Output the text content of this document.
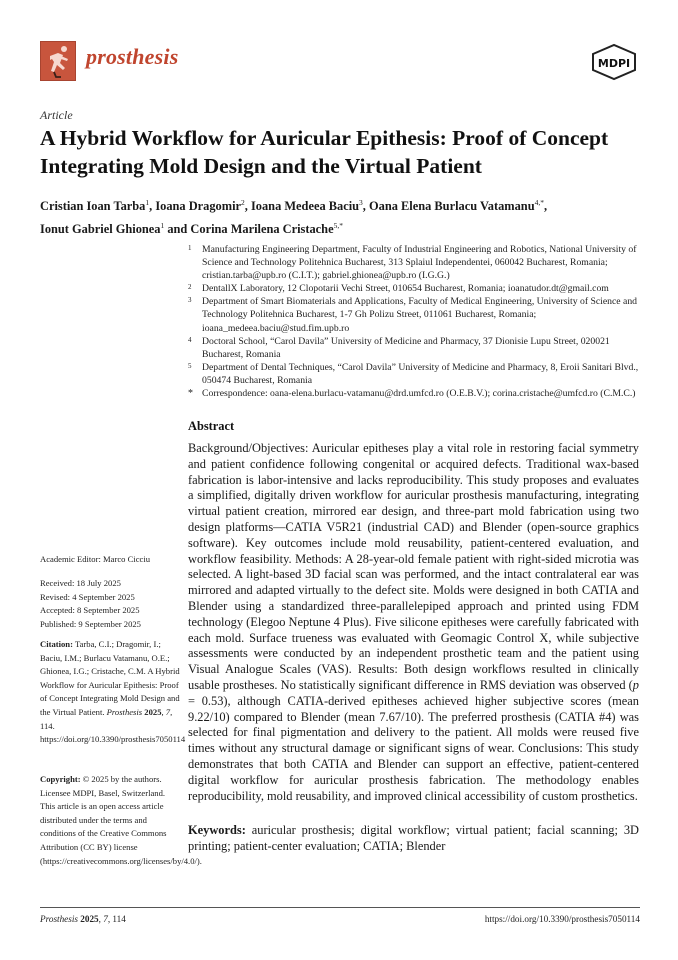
prosthesis	MDPI
Article
A Hybrid Workflow for Auricular Epithesis: Proof of Concept Integrating Mold Design and the Virtual Patient
Cristian Ioan Tarba$^1$, Ioana Dragomir$^2$, Ioana Medeea Baciu$^3$, Oana Elena Burlacu Vatamanu$^{4,*}$,
Ionut Gabriel Ghionea$^1$ and Corina Marilena Cristache$^{5,*}$
1 Manufacturing Engineering Department, Faculty of Industrial Engineering and Robotics, National University of Science and Technology Politehnica Bucharest, 313 Splaiul Independentei, 060042 Bucharest, Romania; cristian.tarba@upb.ro (C.I.T.); gabriel.ghionea@upb.ro (I.G.G.)
2 DentallX Laboratory, 12 Clopotarii Vechi Street, 010654 Bucharest, Romania; ioanatudor.dt@gmail.com
3 Department of Smart Biomaterials and Applications, Faculty of Medical Engineering, University of Science and Technology Politehnica Bucharest, 1-7 Gh Polizu Street, 011061 Bucharest, Romania; ioana_medeea.baciu@stud.fim.upb.ro
4 Doctoral School, “Carol Davila” University of Medicine and Pharmacy, 37 Dionisie Lupu Street, 020021 Bucharest, Romania
5 Department of Dental Techniques, “Carol Davila” University of Medicine and Pharmacy, 8, Eroii Sanitari Blvd., 050474 Bucharest, Romania
* Correspondence: oana-elena.burlacu-vatamanu@drd.umfcd.ro (O.E.B.V.); corina.cristache@umfcd.ro (C.M.C.)
Abstract
Background/Objectives: Auricular epitheses play a vital role in restoring facial symmetry and patient confidence following congenital or acquired defects. Traditional wax-based fabrication is labor-intensive and lacks reproducibility. This study proposes and evaluates a simplified, digitally driven workflow for auricular prosthesis manufacturing, integrating virtual patient creation, mirrored ear design, and three-part mold fabrication using two design platforms—CATIA V5R21 (industrial CAD) and Blender (open-source graphics software). Key outcomes include mold reusability, patient-centered evaluation, and workflow feasibility. Methods: A 28-year-old female patient with right-sided microtia was selected. A light-based 3D facial scan was performed, and the intact contralateral ear was mirrored and adapted virtually to the defect site. Molds were designed in both CATIA and Blender using a standardized three-parallelepiped approach and printed using FDM technology (Elegoo Neptune 4 Plus). Five silicone epitheses were carefully fabricated with each mold. Surface trueness was evaluated with Geomagic Control X, while subjective assessments were conducted by an independent prosthetic team and the patient using Visual Analogue Scales (VAS). Results: Both design workflows resulted in clinically usable prostheses. No statistically significant difference in RMS deviation was observed (p = 0.53), although CATIA-derived epitheses achieved higher subjective scores (mean 9.22/10) compared to Blender (mean 7.67/10). The preferred prosthesis (CATIA #4) was selected for final pigmentation and delivery to the patient. All molds were reused five times without any structural damage or significant signs of wear. Conclusions: This study demonstrates that both CATIA and Blender can support an effective, patient-centered digital workflow for auricular prosthesis fabrication. The methodology enables reproducibility, mold reusability, and improved clinical accessibility of custom prosthetics.
Keywords: auricular prosthesis; digital workflow; virtual patient; facial scanning; 3D printing; patient-center evaluation; CATIA; Blender
Academic Editor: Marco Cicciu
Received: 18 July 2025
Revised: 4 September 2025
Accepted: 8 September 2025
Published: 9 September 2025
Citation: Tarba, C.I.; Dragomir, I.; Baciu, I.M.; Burlacu Vatamanu, O.E.; Ghionea, I.G.; Cristache, C.M. A Hybrid Workflow for Auricular Epithesis: Proof of Concept Integrating Mold Design and the Virtual Patient. Prosthesis 2025, 7, 114. https://doi.org/10.3390/prosthesis7050114
Copyright: © 2025 by the authors. Licensee MDPI, Basel, Switzerland. This article is an open access article distributed under the terms and conditions of the Creative Commons Attribution (CC BY) license (https://creativecommons.org/licenses/by/4.0/).
Prosthesis 2025, 7, 114	https://doi.org/10.3390/prosthesis7050114
